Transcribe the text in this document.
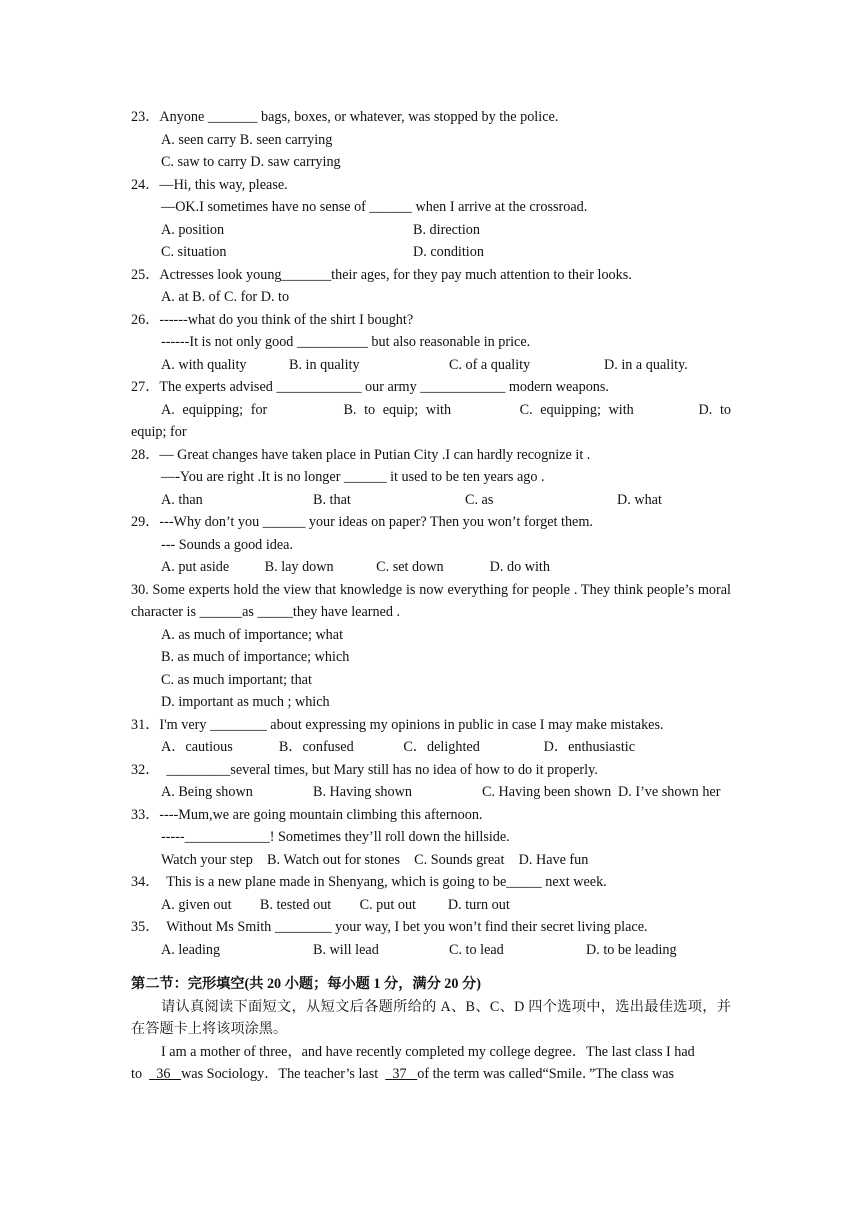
23．Anyone _______ bags, boxes, or whatever, was stopped by the police.
A. seen carry B. seen carrying
C. saw to carry D. saw carrying
24．—Hi, this way, please.
—OK.I sometimes have no sense of ______ when I arrive at the crossroad.
A. position	B. direction
C. situation	D. condition
25．Actresses look young_______their ages, for they pay much attention to their looks.
A. at B. of C. for D. to
26．------what do you think of the shirt I bought?
------It is not only good __________ but also reasonable in price.
A. with quality	B. in quality	C. of a quality	D. in a quality.
27．The experts advised ____________ our army ____________ modern weapons.
A.  equipping;  for                    B.  to  equip;  with                  C.  equipping;  with                 D.  to equip; for
28．— Great changes have taken place in Putian City .I can hardly recognize it .
—-You are right .It is no longer ______ it used to be ten years ago .
A. than	B. that	C. as	D. what
29．---Why don’t you ______ your ideas on paper? Then you won’t forget them.
--- Sounds a good idea.
A. put aside          B. lay down            C. set down             D. do with
30. Some experts hold the view that knowledge is now everything for people . They think people’s moral character is ______as _____they have learned .
A. as much of importance; what
B. as much of importance; which
C. as much important; that
D. important as much ; which
31．I'm very ________ about expressing my opinions in public in case I may make mistakes.
A．cautious             B．confused              C．delighted                  D．enthusiastic
32．  _________several times, but Mary still has no idea of how to do it properly.
A. Being shown	B. Having shown	C. Having been shown D. I’ve shown her
33．----Mum,we are going mountain climbing this afternoon.
-----____________! Sometimes they’ll roll down the hillside.
Watch your step    B. Watch out for stones    C. Sounds great    D. Have fun
34．  This is a new plane made in Shenyang, which is going to be_____ next week.
A. given out        B. tested out        C. put out         D. turn out
35．  Without Ms Smith ________ your way, I bet you won’t find their secret living place.
A. leading	B. will lead	C. to lead	D. to be leading
第二节：完形填空(共 20 小题；每小题 1 分，满分 20 分)
请认真阅读下面短文，从短文后各题所给的 A、B、C、D 四个选项中，选出最佳选项，并在答题卡上将该项涂黑。
I am a mother of three，and have recently completed my college degree．The last class I had
to    36   was Sociology．The teacher’s last    37   of the term was called“Smile．”The class was
